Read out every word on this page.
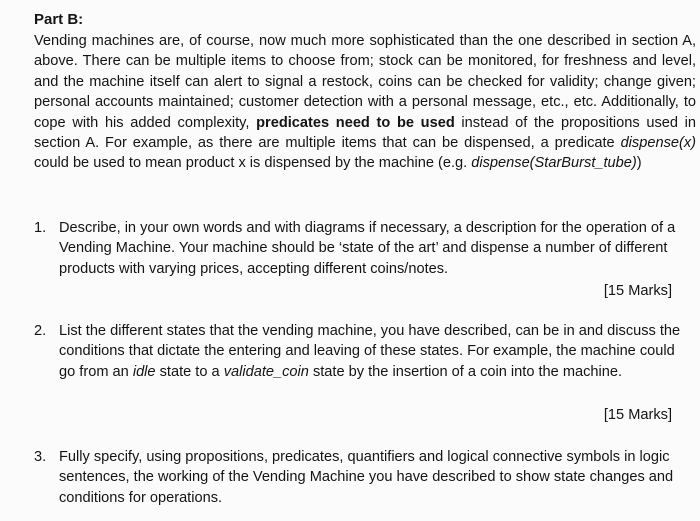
Part B:
Vending machines are, of course, now much more sophisticated than the one described in section A, above. There can be multiple items to choose from; stock can be monitored, for freshness and level, and the machine itself can alert to signal a restock, coins can be checked for validity; change given; personal accounts maintained; customer detection with a personal message, etc., etc. Additionally, to cope with his added complexity, predicates need to be used instead of the propositions used in section A. For example, as there are multiple items that can be dispensed, a predicate dispense(x) could be used to mean product x is dispensed by the machine (e.g. dispense(StarBurst_tube))
1. Describe, in your own words and with diagrams if necessary, a description for the operation of a Vending Machine. Your machine should be ‘state of the art’ and dispense a number of different products with varying prices, accepting different coins/notes.
[15 Marks]
2. List the different states that the vending machine, you have described, can be in and discuss the conditions that dictate the entering and leaving of these states. For example, the machine could go from an idle state to a validate_coin state by the insertion of a coin into the machine.
[15 Marks]
3. Fully specify, using propositions, predicates, quantifiers and logical connective symbols in logic sentences, the working of the Vending Machine you have described to show state changes and conditions for operations.
